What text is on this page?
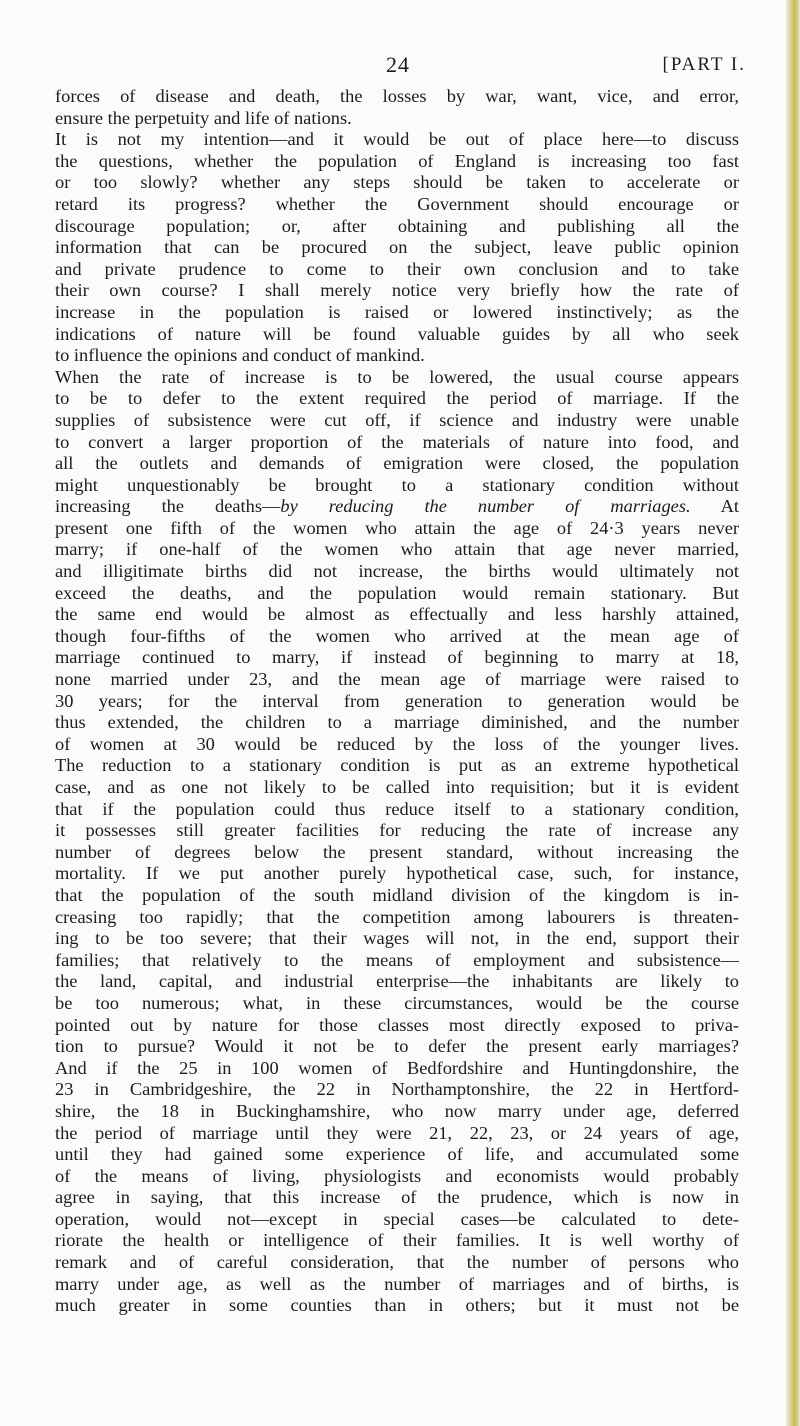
24	[PART I.
forces of disease and death, the losses by war, want, vice, and error,
ensure the perpetuity and life of nations.
It is not my intention—and it would be out of place here—to discuss
the questions, whether the population of England is increasing too fast
or too slowly? whether any steps should be taken to accelerate or
retard its progress? whether the Government should encourage or
discourage population; or, after obtaining and publishing all the
information that can be procured on the subject, leave public opinion
and private prudence to come to their own conclusion and to take
their own course? I shall merely notice very briefly how the rate of
increase in the population is raised or lowered instinctively; as the
indications of nature will be found valuable guides by all who seek
to influence the opinions and conduct of mankind.
When the rate of increase is to be lowered, the usual course appears
to be to defer to the extent required the period of marriage. If the
supplies of subsistence were cut off, if science and industry were unable
to convert a larger proportion of the materials of nature into food, and
all the outlets and demands of emigration were closed, the population
might unquestionably be brought to a stationary condition without
increasing the deaths—by reducing the number of marriages. At
present one fifth of the women who attain the age of 24·3 years never
marry; if one-half of the women who attain that age never married,
and illigitimate births did not increase, the births would ultimately not
exceed the deaths, and the population would remain stationary. But
the same end would be almost as effectually and less harshly attained,
though four-fifths of the women who arrived at the mean age of
marriage continued to marry, if instead of beginning to marry at 18,
none married under 23, and the mean age of marriage were raised to
30 years; for the interval from generation to generation would be
thus extended, the children to a marriage diminished, and the number
of women at 30 would be reduced by the loss of the younger lives.
The reduction to a stationary condition is put as an extreme hypothetical
case, and as one not likely to be called into requisition; but it is evident
that if the population could thus reduce itself to a stationary condition,
it possesses still greater facilities for reducing the rate of increase any
number of degrees below the present standard, without increasing the
mortality. If we put another purely hypothetical case, such, for instance,
that the population of the south midland division of the kingdom is in-
creasing too rapidly; that the competition among labourers is threaten-
ing to be too severe; that their wages will not, in the end, support their
families; that relatively to the means of employment and subsistence—
the land, capital, and industrial enterprise—the inhabitants are likely to
be too numerous; what, in these circumstances, would be the course
pointed out by nature for those classes most directly exposed to priva-
tion to pursue? Would it not be to defer the present early marriages?
And if the 25 in 100 women of Bedfordshire and Huntingdonshire, the
23 in Cambridgeshire, the 22 in Northamptonshire, the 22 in Hertford-
shire, the 18 in Buckinghamshire, who now marry under age, deferred
the period of marriage until they were 21, 22, 23, or 24 years of age,
until they had gained some experience of life, and accumulated some
of the means of living, physiologists and economists would probably
agree in saying, that this increase of the prudence, which is now in
operation, would not—except in special cases—be calculated to dete-
riorate the health or intelligence of their families. It is well worthy of
remark and of careful consideration, that the number of persons who
marry under age, as well as the number of marriages and of births, is
much greater in some counties than in others; but it must not be
